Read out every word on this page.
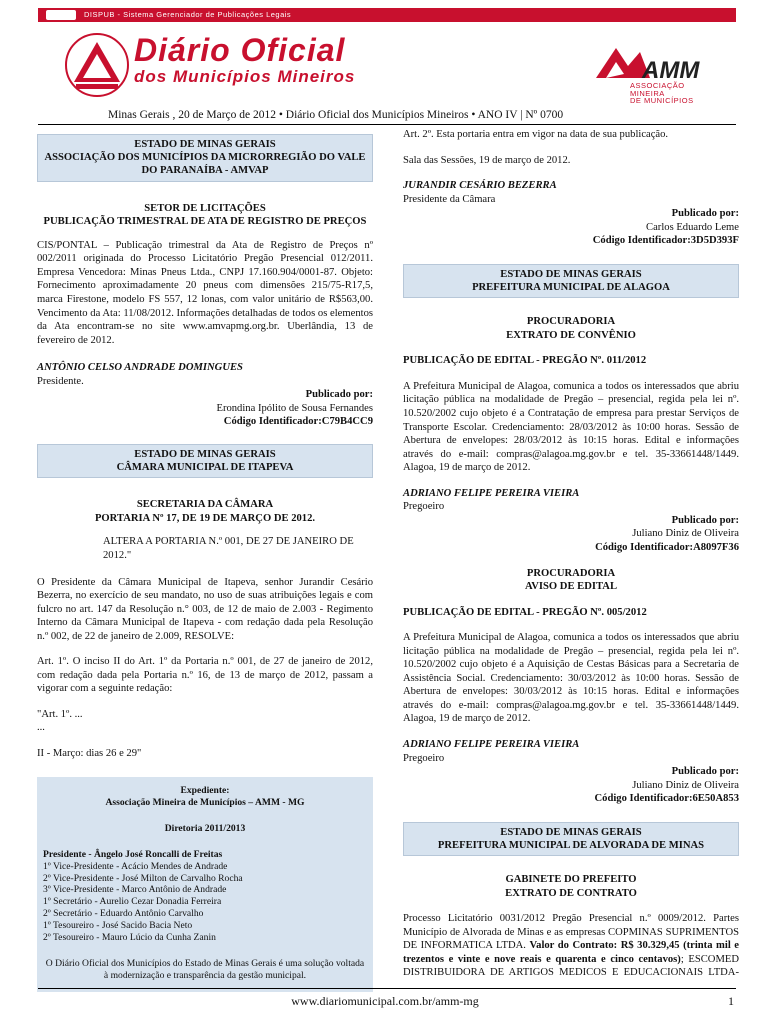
DISPUB - Sistema Gerenciador de Publicações Legais
Diário Oficial
dos Municípios Mineiros	AMM
ASSOCIAÇÃO MINEIRA
DE MUNICÍPIOS
Minas Gerais , 20 de Março de 2012 • Diário Oficial dos Municípios Mineiros • ANO IV | Nº 0700
ESTADO DE MINAS GERAIS
ASSOCIAÇÃO DOS MUNICÍPIOS DA MICRORREGIÃO DO VALE DO PARANAÍBA - AMVAP
SETOR DE LICITAÇÕES
PUBLICAÇÃO TRIMESTRAL DE ATA DE REGISTRO DE PREÇOS

CIS/PONTAL – Publicação trimestral da Ata de Registro de Preços nº 002/2011 originada do Processo Licitatório Pregão Presencial 012/2011. Empresa Vencedora: Minas Pneus Ltda., CNPJ 17.160.904/0001-87. Objeto: Fornecimento aproximadamente 20 pneus com dimensões 215/75-R17,5, marca Firestone, modelo FS 557, 12 lonas, com valor unitário de R$563,00. Vencimento da Ata: 11/08/2012. Informações detalhadas de todos os elementos da Ata encontram-se no site www.amvapmg.org.br. Uberlândia, 13 de fevereiro de 2012.

ANTÔNIO CELSO ANDRADE DOMINGUES

Presidente.

Publicado por:

Erondina Ipólito de Sousa Fernandes

Código Identificador:C79B4CC9

ESTADO DE MINAS GERAIS
CÂMARA MUNICIPAL DE ITAPEVA
SECRETARIA DA CÂMARA
PORTARIA Nº 17, DE 19 DE MARÇO DE 2012.

ALTERA A PORTARIA N.º 001, DE 27 DE JANEIRO DE 2012."

O Presidente da Câmara Municipal de Itapeva, senhor Jurandir Cesário Bezerra, no exercício de seu mandato, no uso de suas atribuições legais e com fulcro no art. 147 da Resolução n.° 003, de 12 de maio de 2.003 - Regimento Interno da Câmara Municipal de Itapeva - com redação dada pela Resolução n.º 002, de 22 de janeiro de 2.009, RESOLVE:

Art. 1º. O inciso II do Art. 1º da Portaria n.º 001, de 27 de janeiro de 2012, com redação dada pela Portaria n.º 16, de 13 de março de 2012, passam a vigorar com a seguinte redação:

"Art. 1º. ...

...

II - Março: dias 26 e 29"

Expediente:
Associação Mineira de Municípios – AMM - MG
Diretoria 2011/2013
Presidente - Ângelo José Roncalli de Freitas
1º Vice-Presidente - Acácio Mendes de Andrade
2º Vice-Presidente - José Milton de Carvalho Rocha
3º Vice-Presidente - Marco Antônio de Andrade
1º Secretário - Aurelio Cezar Donadia Ferreira
2º Secretário - Eduardo Antônio Carvalho
1º Tesoureiro - José Sacido Bacia Neto
2º Tesoureiro - Mauro Lúcio da Cunha Zanin
O Diário Oficial dos Municípios do Estado de Minas Gerais é uma solução voltada à modernização e transparência da gestão municipal.

Art. 2º. Esta portaria entra em vigor na data de sua publicação.

Sala das Sessões, 19 de março de 2012.

JURANDIR CESÁRIO BEZERRA

Presidente da Câmara

Publicado por:

Carlos Eduardo Leme

Código Identificador:3D5D393F

ESTADO DE MINAS GERAIS
PREFEITURA MUNICIPAL DE ALAGOA
PROCURADORIA
EXTRATO DE CONVÊNIO

PUBLICAÇÃO DE EDITAL - PREGÃO Nº. 011/2012

A Prefeitura Municipal de Alagoa, comunica a todos os interessados que abriu licitação pública na modalidade de Pregão – presencial, regida pela lei nº. 10.520/2002 cujo objeto é a Contratação de empresa para prestar Serviços de Transporte Escolar. Credenciamento: 28/03/2012 às 10:00 horas. Sessão de Abertura de envelopes: 28/03/2012 às 10:15 horas. Edital e informações através do e-mail: compras@alagoa.mg.gov.br e tel. 35-33661448/1449. Alagoa, 19 de março de 2012.

ADRIANO FELIPE PEREIRA VIEIRA

Pregoeiro

Publicado por:

Juliano Diniz de Oliveira

Código Identificador:A8097F36

PROCURADORIA
AVISO DE EDITAL

PUBLICAÇÃO DE EDITAL - PREGÃO Nº. 005/2012

A Prefeitura Municipal de Alagoa, comunica a todos os interessados que abriu licitação pública na modalidade de Pregão – presencial, regida pela lei nº. 10.520/2002 cujo objeto é a Aquisição de Cestas Básicas para a Secretaria de Assistência Social. Credenciamento: 30/03/2012 às 10:00 horas. Sessão de Abertura de envelopes: 30/03/2012 às 10:15 horas. Edital e informações através do e-mail: compras@alagoa.mg.gov.br e tel. 35-33661448/1449. Alagoa, 19 de março de 2012.

ADRIANO FELIPE PEREIRA VIEIRA

Pregoeiro

Publicado por:

Juliano Diniz de Oliveira

Código Identificador:6E50A853

ESTADO DE MINAS GERAIS
PREFEITURA MUNICIPAL DE ALVORADA DE MINAS
GABINETE DO PREFEITO
EXTRATO DE CONTRATO

Processo Licitatório 0031/2012 Pregão Presencial n.º 0009/2012. Partes Município de Alvorada de Minas e as empresas COPMINAS SUPRIMENTOS DE INFORMATICA LTDA. Valor do Contrato: R$ 30.329,45 (trinta mil e trezentos e vinte e nove reais e quarenta e cinco centavos); ESCOMED DISTRIBUIDORA DE ARTIGOS MEDICOS E EDUCACIONAIS LTDA-

www.diariomunicipal.com.br/amm-mg	1
